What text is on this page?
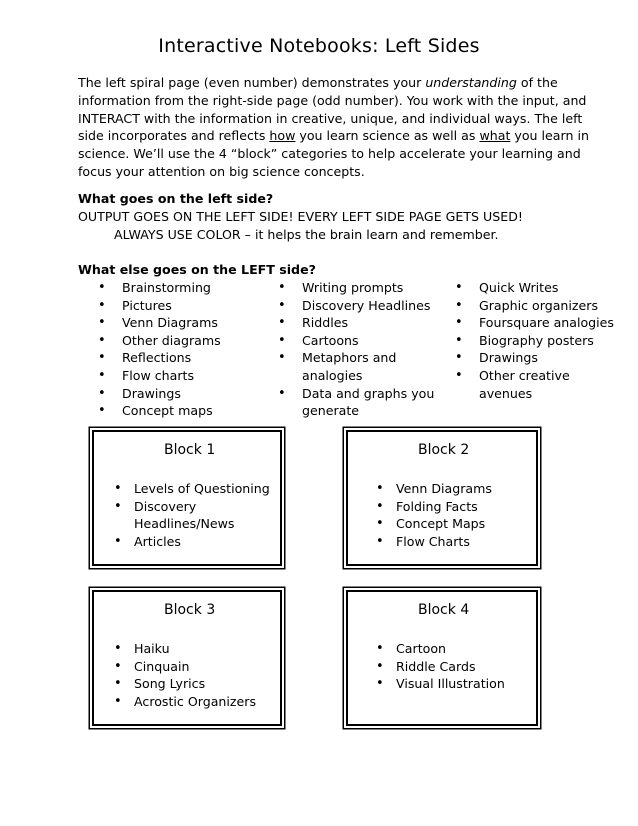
Interactive Notebooks: Left Sides

The left spiral page (even number) demonstrates your understanding of the information from the right-side page (odd number). You work with the input, and INTERACT with the information in creative, unique, and individual ways. The left side incorporates and reflects how you learn science as well as what you learn in science. We’ll use the 4 “block” categories to help accelerate your learning and focus your attention on big science concepts.

What goes on the left side?
OUTPUT GOES ON THE LEFT SIDE! EVERY LEFT SIDE PAGE GETS USED!
ALWAYS USE COLOR – it helps the brain learn and remember.
What else goes on the LEFT side?
• Brainstorming
• Pictures
• Venn Diagrams
• Other diagrams
• Reflections
• Flow charts
• Drawings
• Concept maps
• Writing prompts
• Discovery Headlines
• Riddles
• Cartoons
• Metaphors and
analogies
• Data and graphs you
generate
• Quick Writes
• Graphic organizers
• Foursquare analogies
• Biography posters
• Drawings
• Other creative
avenues
Block 1
• Levels of Questioning
• Discovery
Headlines/News
• Articles
Block 2
• Venn Diagrams
• Folding Facts
• Concept Maps
• Flow Charts
Block 3
• Haiku
• Cinquain
• Song Lyrics
• Acrostic Organizers
Block 4
• Cartoon
• Riddle Cards
• Visual Illustration
